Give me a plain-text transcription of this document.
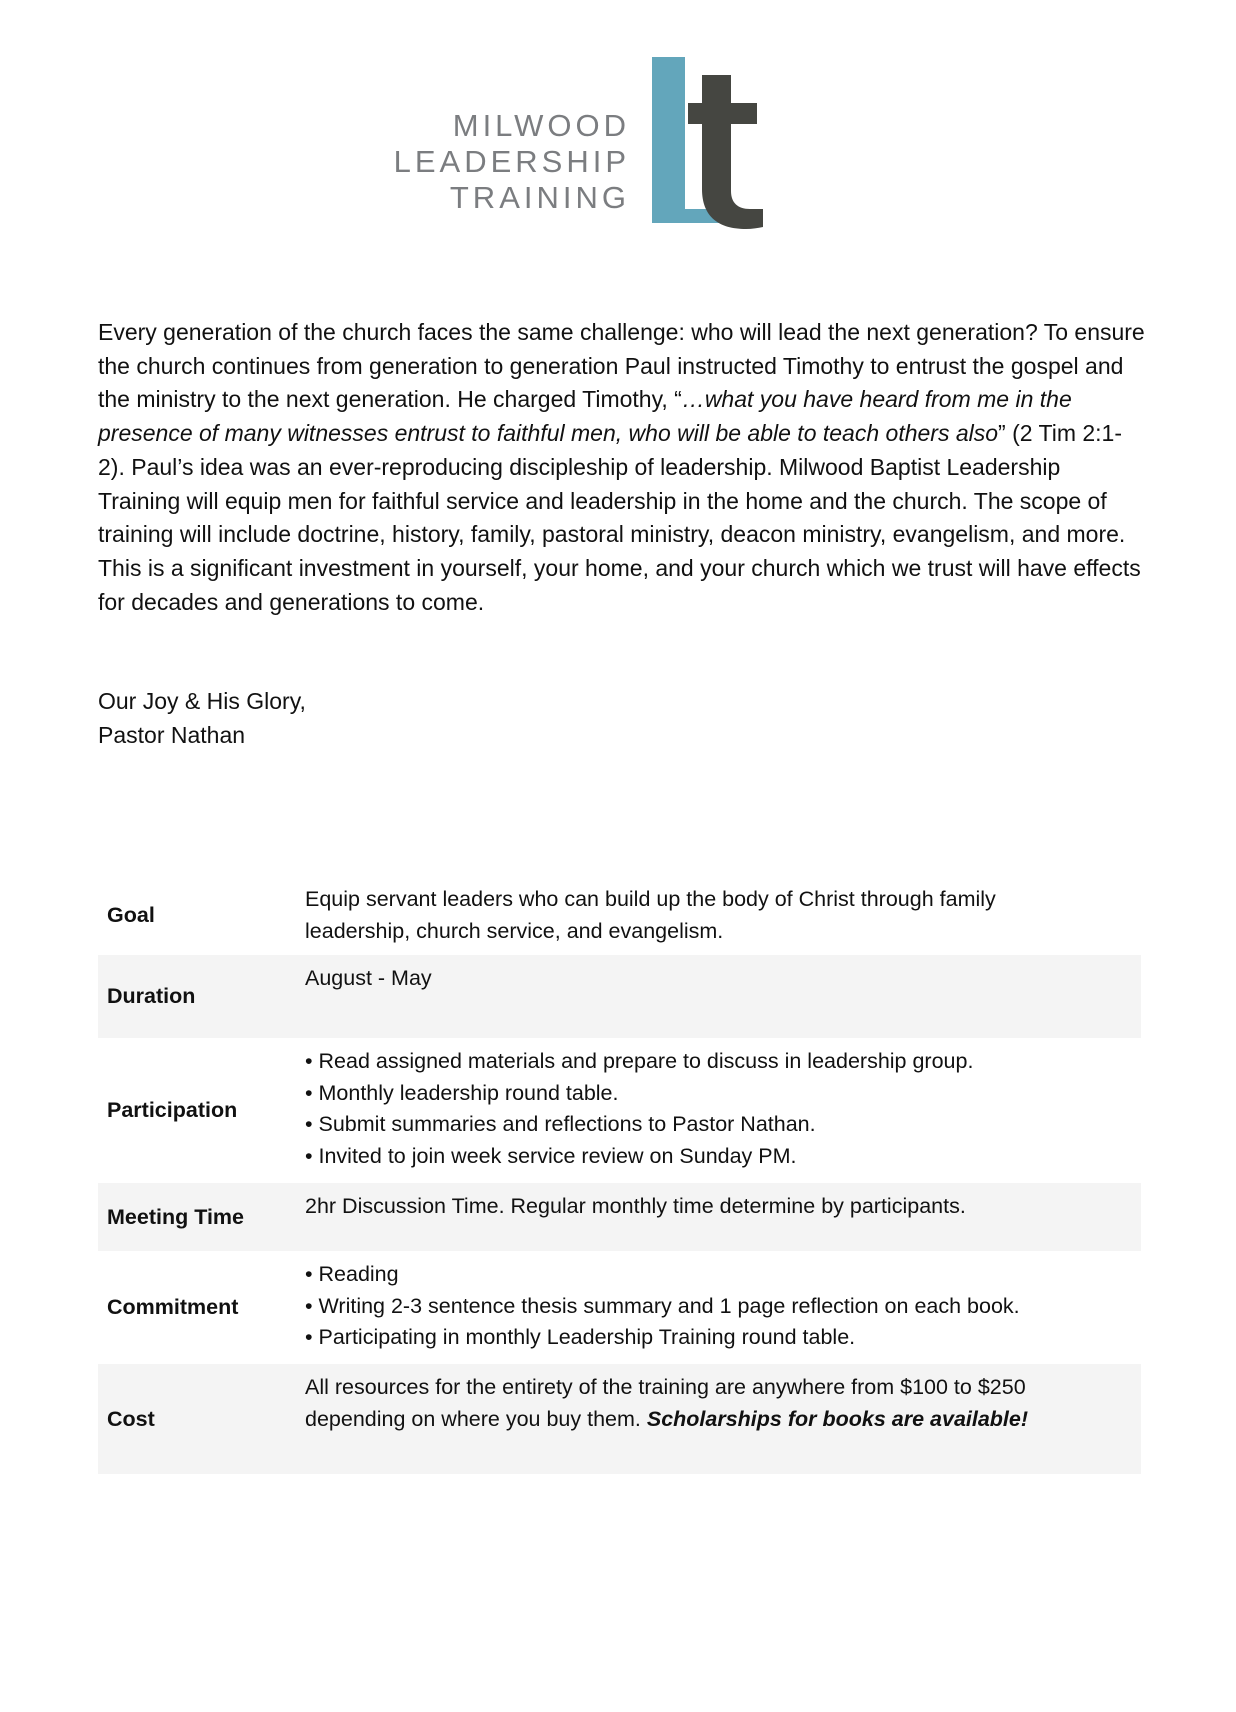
MILWOOD
LEADERSHIP
TRAINING

Every generation of the church faces the same challenge: who will lead the next generation? To ensure the church continues from generation to generation Paul instructed Timothy to entrust the gospel and the ministry to the next generation. He charged Timothy, “…what you have heard from me in the presence of many witnesses entrust to faithful men, who will be able to teach others also” (2 Tim 2:1-2). Paul’s idea was an ever-reproducing discipleship of leadership. Milwood Baptist Leadership Training will equip men for faithful service and leadership in the home and the church. The scope of training will include doctrine, history, family, pastoral ministry, deacon ministry, evangelism, and more. This is a significant investment in yourself, your home, and your church which we trust will have effects for decades and generations to come.

Our Joy & His Glory,
Pastor Nathan
Goal	Equip servant leaders who can build up the body of Christ through family
leadership, church service, and evangelism.

Duration	August - May
Participation	• Read assigned materials and prepare to discuss in leadership group.
• Monthly leadership round table.
• Submit summaries and reflections to Pastor Nathan.
• Invited to join week service review on Sunday PM.

Meeting Time	2hr Discussion Time. Regular monthly time determine by participants.
Commitment	• Reading
• Writing 2-3 sentence thesis summary and 1 page reflection on each book.
• Participating in monthly Leadership Training round table.

Cost	All resources for the entirety of the training are anywhere from $100 to $250
depending on where you buy them. Scholarships for books are available!
